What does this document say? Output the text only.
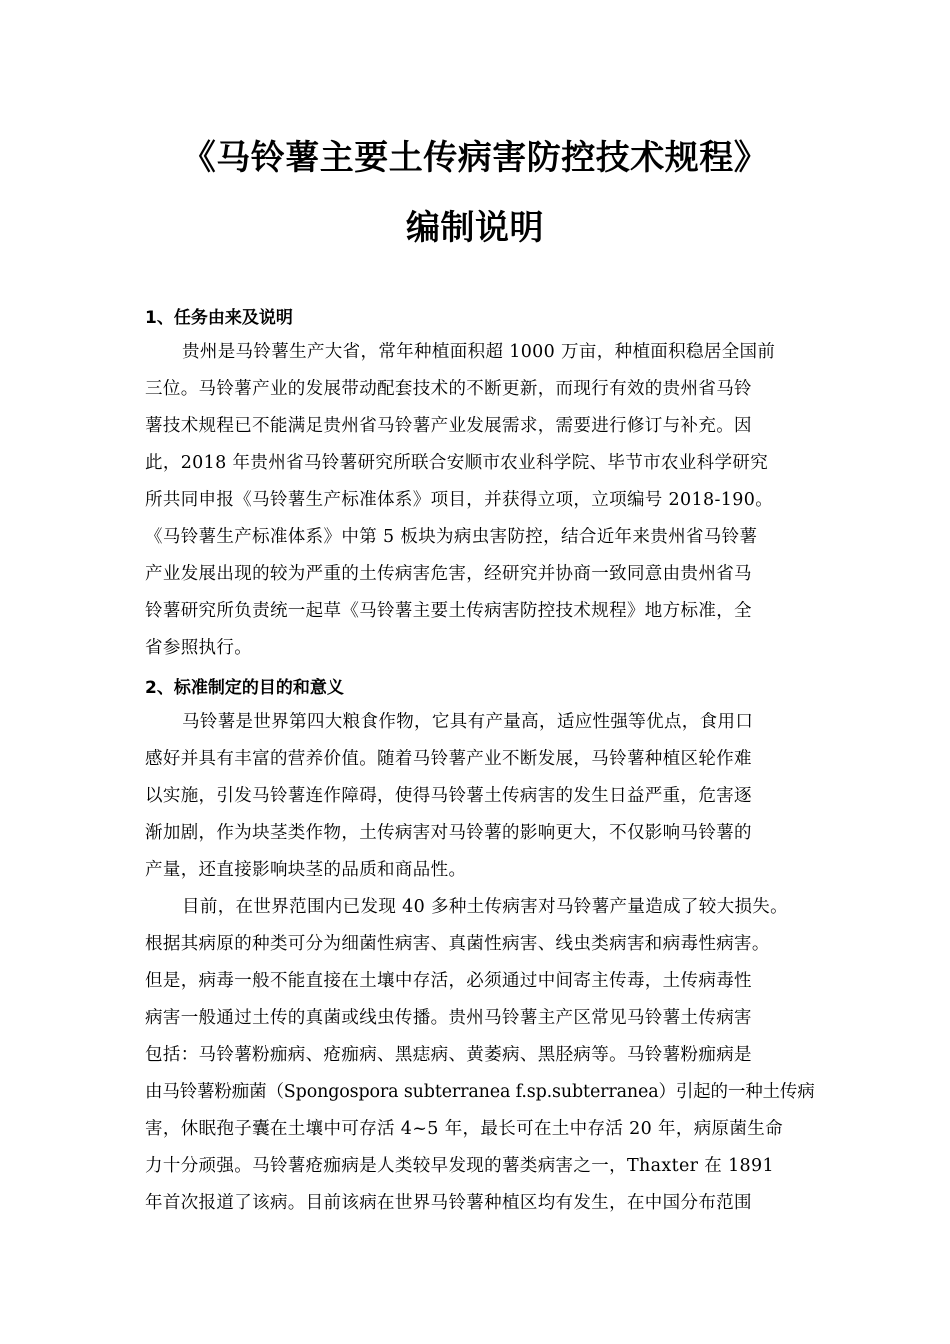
《马铃薯主要土传病害防控技术规程》
编制说明
1、任务由来及说明
贵州是马铃薯生产大省，常年种植面积超 1000 万亩，种植面积稳居全国前
三位。马铃薯产业的发展带动配套技术的不断更新，而现行有效的贵州省马铃
薯技术规程已不能满足贵州省马铃薯产业发展需求，需要进行修订与补充。因
此，2018 年贵州省马铃薯研究所联合安顺市农业科学院、毕节市农业科学研究
所共同申报《马铃薯生产标准体系》项目，并获得立项，立项编号 2018-190。
《马铃薯生产标准体系》中第 5 板块为病虫害防控，结合近年来贵州省马铃薯
产业发展出现的较为严重的土传病害危害，经研究并协商一致同意由贵州省马
铃薯研究所负责统一起草《马铃薯主要土传病害防控技术规程》地方标准，全
省参照执行。
2、标准制定的目的和意义
马铃薯是世界第四大粮食作物，它具有产量高，适应性强等优点，食用口
感好并具有丰富的营养价值。随着马铃薯产业不断发展，马铃薯种植区轮作难
以实施，引发马铃薯连作障碍，使得马铃薯土传病害的发生日益严重，危害逐
渐加剧，作为块茎类作物，土传病害对马铃薯的影响更大，不仅影响马铃薯的
产量，还直接影响块茎的品质和商品性。
目前，在世界范围内已发现 40 多种土传病害对马铃薯产量造成了较大损失。
根据其病原的种类可分为细菌性病害、真菌性病害、线虫类病害和病毒性病害。
但是，病毒一般不能直接在土壤中存活，必须通过中间寄主传毒，土传病毒性
病害一般通过土传的真菌或线虫传播。贵州马铃薯主产区常见马铃薯土传病害
包括：马铃薯粉痂病、疮痂病、黑痣病、黄萎病、黑胫病等。马铃薯粉痂病是
由马铃薯粉痂菌（Spongospora subterranea f.sp.subterranea）引起的一种土传病
害，休眠孢子囊在土壤中可存活 4~5 年，最长可在土中存活 20 年，病原菌生命
力十分顽强。马铃薯疮痂病是人类较早发现的薯类病害之一，Thaxter 在 1891
年首次报道了该病。目前该病在世界马铃薯种植区均有发生，在中国分布范围
